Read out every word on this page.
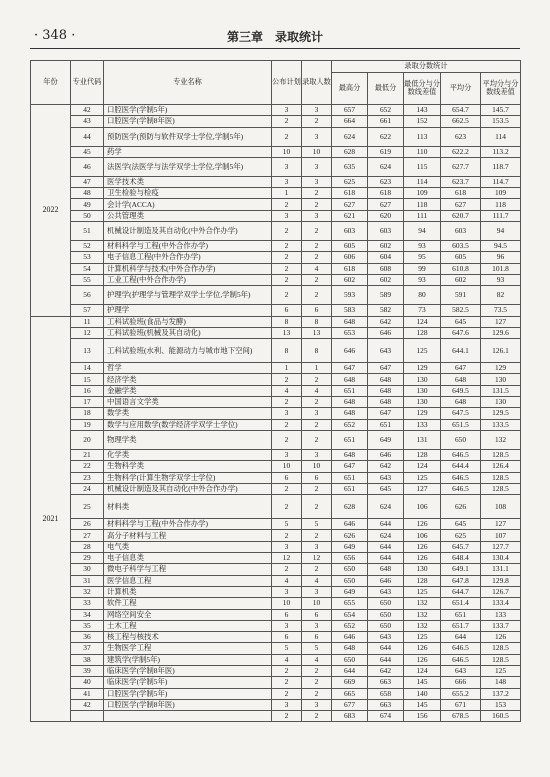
· 348 ·	第三章　录取统计
年份	专业代码	专业名称	公布计划	录取人数	录取分数统计				
					最高分	最低分	最低分与分数线差值	平均分	平均分与分数线差值
2022	42	口腔医学(学制5年)	3	3	657	652	143	654.7	145.7
	43	口腔医学(学制8年医)	2	2	664	661	152	662.5	153.5
	44	预防医学(预防与软件双学士学位,学制5年)	2	3	624	622	113	623	114
	45	药学	10	10	628	619	110	622.2	113.2
	46	法医学(法医学与法学双学士学位,学制5年)	3	3	635	624	115	627.7	118.7
	47	医学技术类	3	3	625	623	114	623.7	114.7
	48	卫生检验与检疫	1	2	618	618	109	618	109
	49	会计学(ACCA)	2	2	627	627	118	627	118
	50	公共管理类	3	3	621	620	111	620.7	111.7
	51	机械设计制造及其自动化(中外合作办学)	2	2	603	603	94	603	94
	52	材料科学与工程(中外合作办学)	2	2	605	602	93	603.5	94.5
	53	电子信息工程(中外合作办学)	2	2	606	604	95	605	96
	54	计算机科学与技术(中外合作办学)	2	4	618	608	99	610.8	101.8
	55	工业工程(中外合作办学)	2	2	602	602	93	602	93
	56	护理学(护理学与管理学双学士学位,学制5年)	2	2	593	589	80	591	82
	57	护理学	6	6	583	582	73	582.5	73.5
2021	11	工科试验班(食品与发酵)	8	8	648	642	124	645	127
	12	工科试验班(机械及其自动化)	13	13	653	646	128	647.6	129.6
	13	工科试验班(水利、能源动力与城市地下空间)	8	8	646	643	125	644.1	126.1
	14	哲学	1	1	647	647	129	647	129
	15	经济学类	2	2	648	648	130	648	130
	16	金融学类	4	4	651	648	130	649.5	131.5
	17	中国语言文学类	2	2	648	648	130	648	130
	18	数学类	3	3	648	647	129	647.5	129.5
	19	数学与应用数学(数学经济学双学士学位)	2	2	652	651	133	651.5	133.5
	20	物理学类	2	2	651	649	131	650	132
	21	化学类	3	3	648	646	128	646.5	128.5
	22	生物科学类	10	10	647	642	124	644.4	126.4
	23	生物科学(计算生物学双学士学位)	6	6	651	643	125	646.5	128.5
	24	机械设计制造及其自动化(中外合作办学)	2	2	651	645	127	646.5	128.5
	25	材料类	2	2	628	624	106	626	108
	26	材料科学与工程(中外合作办学)	5	5	646	644	126	645	127
	27	高分子材料与工程	2	2	626	624	106	625	107
	28	电气类	3	3	649	644	126	645.7	127.7
	29	电子信息类	12	12	656	644	126	648.4	130.4
	30	微电子科学与工程	2	2	650	648	130	649.1	131.1
	31	医学信息工程	4	4	650	646	128	647.8	129.8
	32	计算机类	3	3	649	643	125	644.7	126.7
	33	软件工程	10	10	655	650	132	651.4	133.4
	34	网络空间安全	6	6	654	650	132	651	133
	35	土木工程	3	3	652	650	132	651.7	133.7
	36	核工程与核技术	6	6	646	643	125	644	126
	37	生物医学工程	5	5	648	644	126	646.5	128.5
	38	建筑学(学制5年)	4	4	650	644	126	646.5	128.5
	39	临床医学(学制8年医)	2	2	644	642	124	643	125
	40	临床医学(学制5年)	2	2	669	663	145	666	148
	41	口腔医学(学制5年)	2	2	665	658	140	655.2	137.2
	42	口腔医学(学制8年医)	3	3	677	663	145	671	153
			2	2	683	674	156	678.5	160.5
